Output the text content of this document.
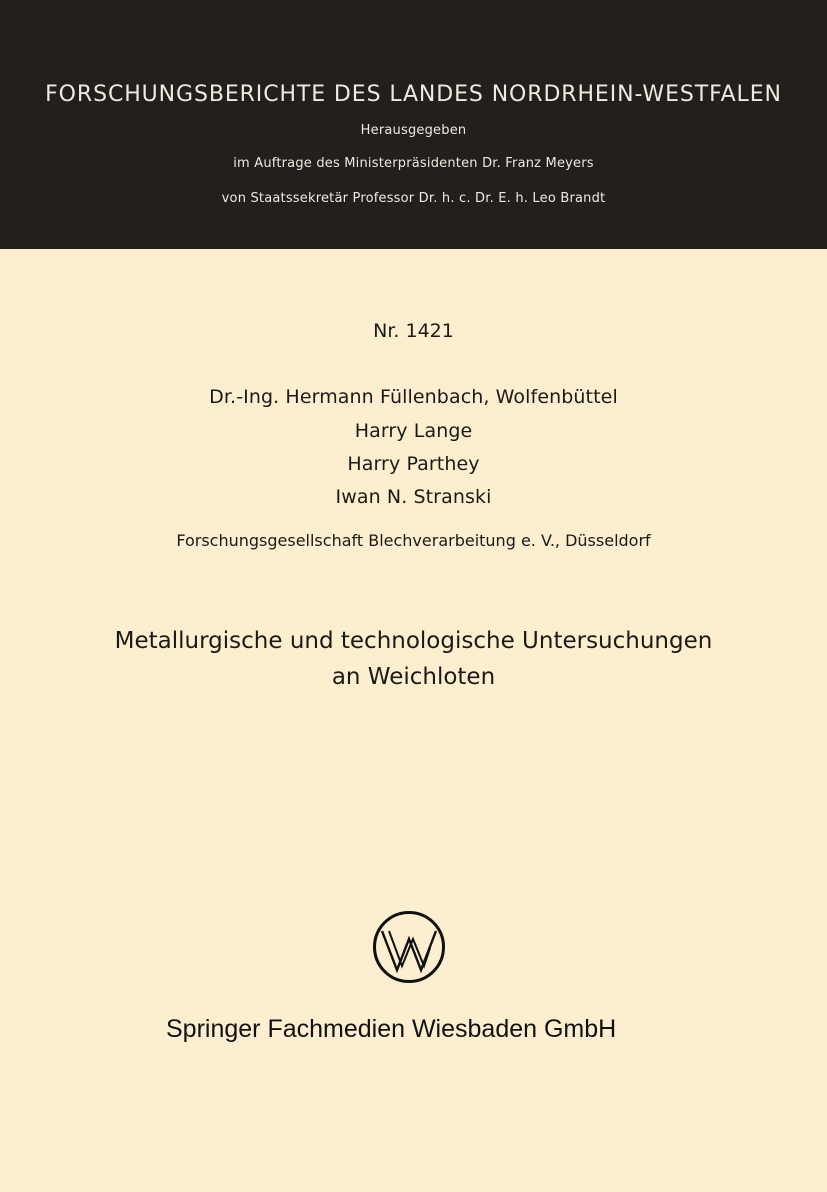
FORSCHUNGSBERICHTE DES LANDES NORDRHEIN-WESTFALEN
Herausgegeben
im Auftrage des Ministerpräsidenten Dr. Franz Meyers
von Staatssekretär Professor Dr. h. c. Dr. E. h. Leo Brandt
Nr. 1421
Dr.-Ing. Hermann Füllenbach, Wolfenbüttel
Harry Lange
Harry Parthey
Iwan N. Stranski
Forschungsgesellschaft Blechverarbeitung e. V., Düsseldorf
Metallurgische und technologische Untersuchungen
an Weichloten
Springer Fachmedien Wiesbaden GmbH
